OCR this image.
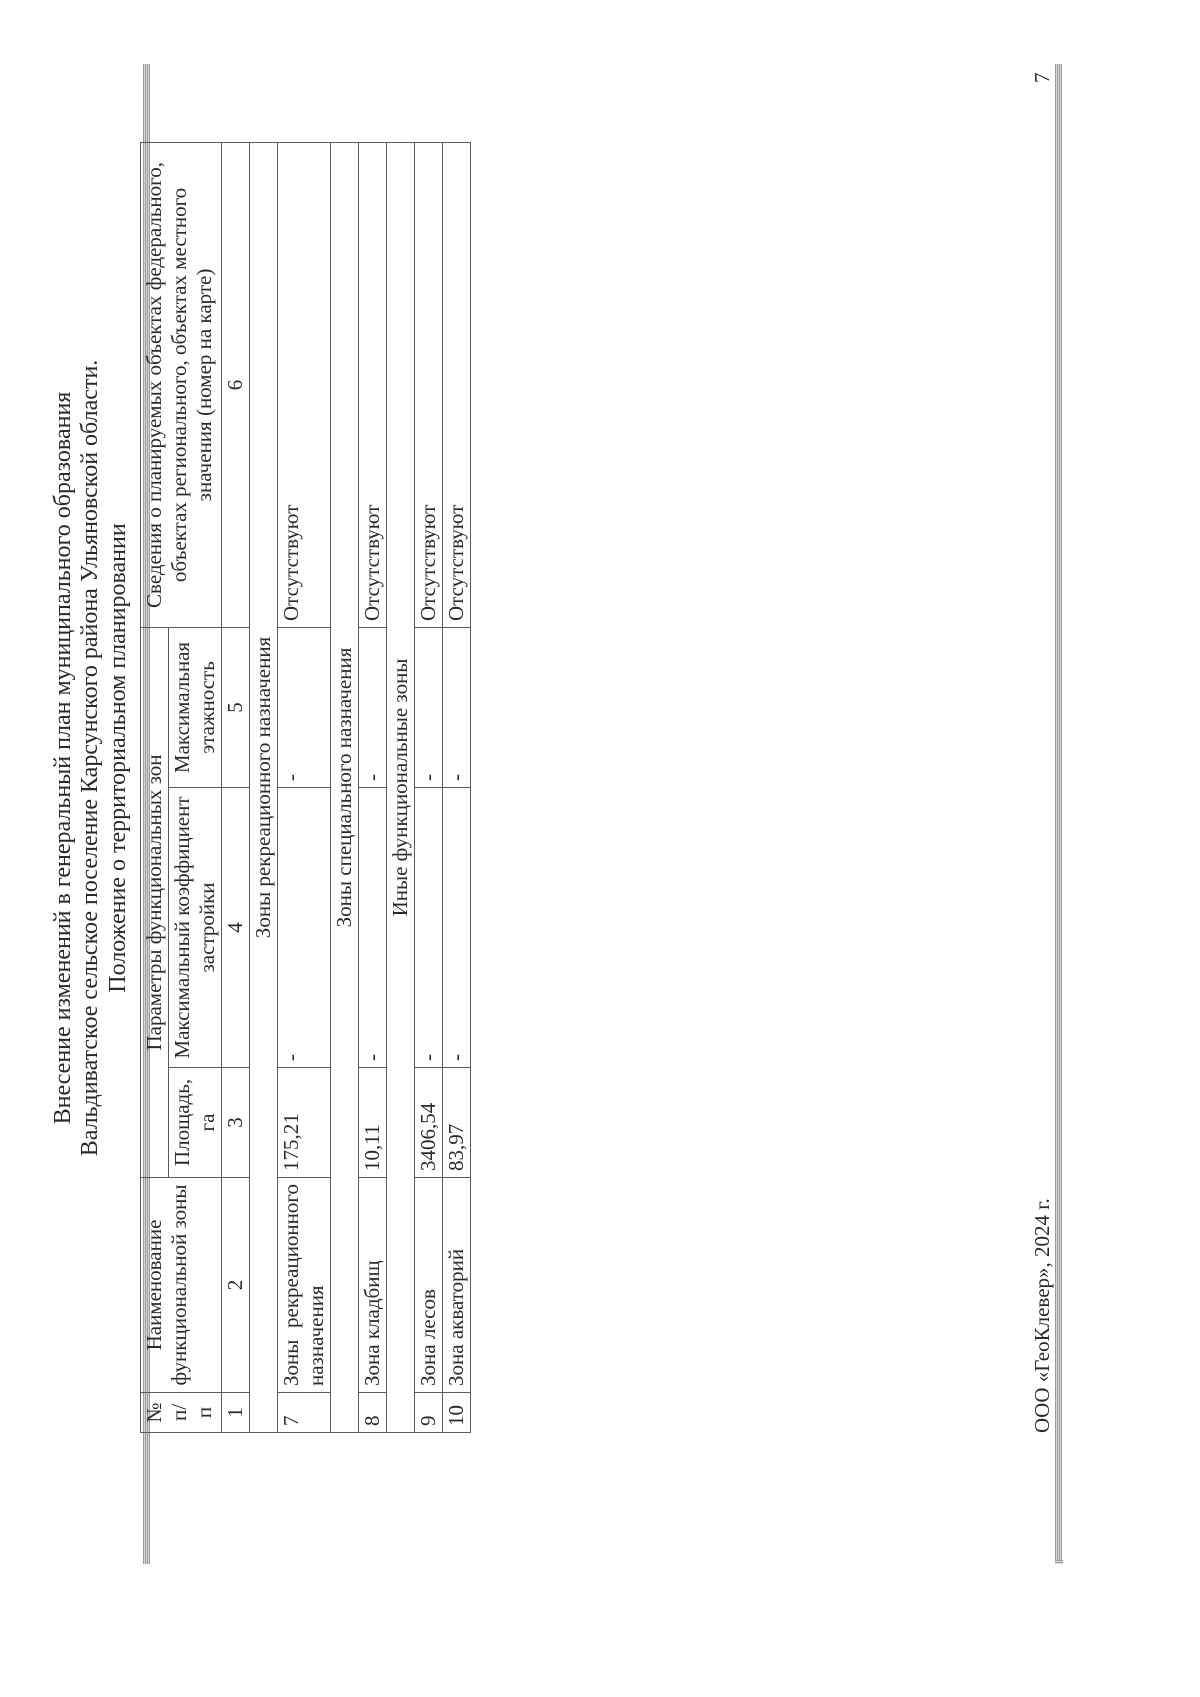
Внесение изменений в генеральный план муниципального образования Вальдиватское сельское поселение Карсунского района Ульяновской области. Положение о территориальном планировании
№ п/п	Наименование функциональной зоны	Параметры функциональных зон			Сведения о планируемых объектах федерального, объектах регионального, объектах местного значения (номер на карте)
		Площадь, га	Максимальный коэффициент застройки	Максимальная этажность	
1	2	3	4	5	6
Зоны рекреационного назначения					
7	Зоны
рекреационного
назначения	175,21	-	-	Отсутствуют
Зоны специального назначения					
8	Зона кладбищ	10,11	-	-	Отсутствуют
Иные функциональные зоны					
9	Зона лесов	3406,54	-	-	Отсутствуют
10	Зона акваторий	83,97	-	-	Отсутствуют
ООО «ГеоКлевер», 2024 г.
7
